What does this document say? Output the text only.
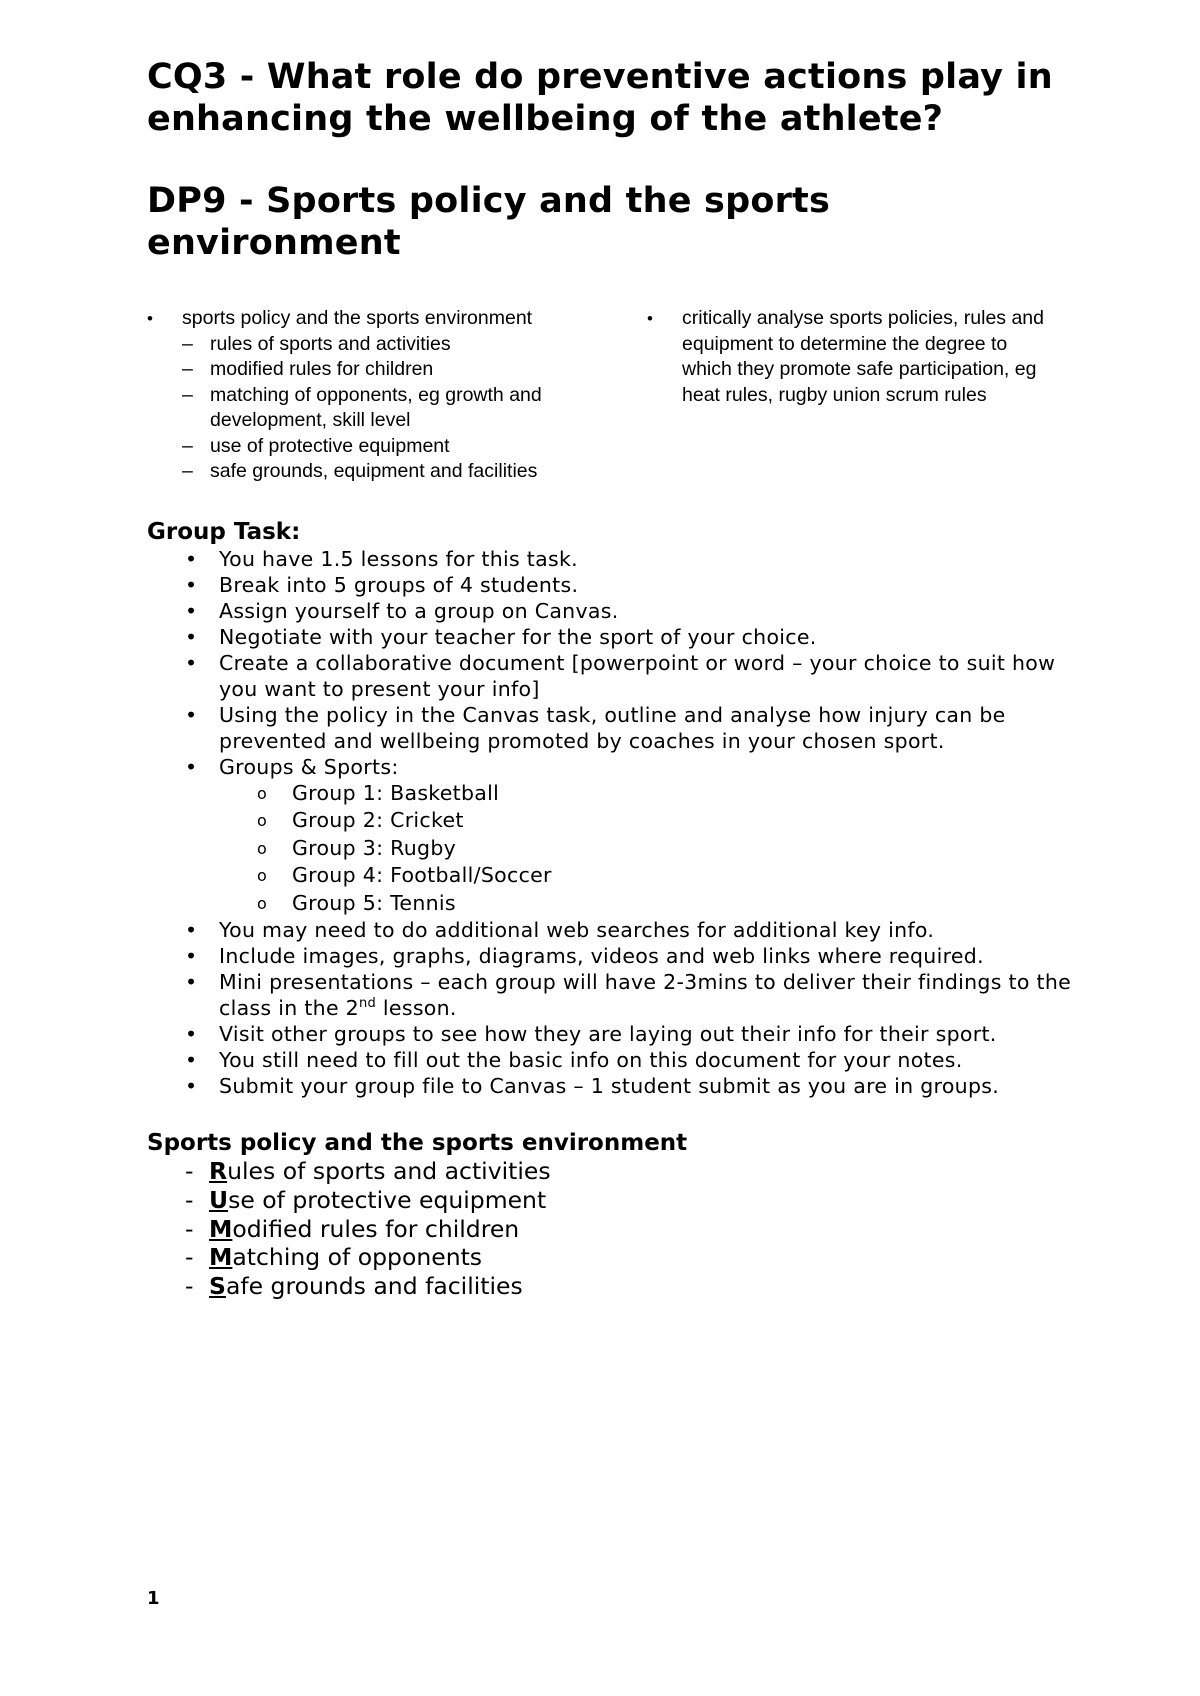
CQ3 - What role do preventive actions play in enhancing the wellbeing of the athlete?
DP9 - Sports policy and the sports environment
•	sports policy and the sports environment
– rules of sports and activities
– modified rules for children
– matching of opponents, eg growth and development, skill level
– use of protective equipment
– safe grounds, equipment and facilities
•	critically analyse sports policies, rules and equipment to determine the degree to which they promote safe participation, eg heat rules, rugby union scrum rules
Group Task:
•	You have 1.5 lessons for this task.
•	Break into 5 groups of 4 students.
•	Assign yourself to a group on Canvas.
•	Negotiate with your teacher for the sport of your choice.
•	Create a collaborative document [powerpoint or word – your choice to suit how you want to present your info]
•	Using the policy in the Canvas task, outline and analyse how injury can be prevented and wellbeing promoted by coaches in your chosen sport.
•	Groups & Sports:
o	Group 1: Basketball
o	Group 2: Cricket
o	Group 3: Rugby
o	Group 4: Football/Soccer
o	Group 5: Tennis
•	You may need to do additional web searches for additional key info.
•	Include images, graphs, diagrams, videos and web links where required.
•	Mini presentations – each group will have 2-3mins to deliver their findings to the class in the 2nd lesson.
•	Visit other groups to see how they are laying out their info for their sport.
•	You still need to fill out the basic info on this document for your notes.
•	Submit your group file to Canvas – 1 student submit as you are in groups.
Sports policy and the sports environment
- Rules of sports and activities
- Use of protective equipment
- Modified rules for children
- Matching of opponents
- Safe grounds and facilities
1
